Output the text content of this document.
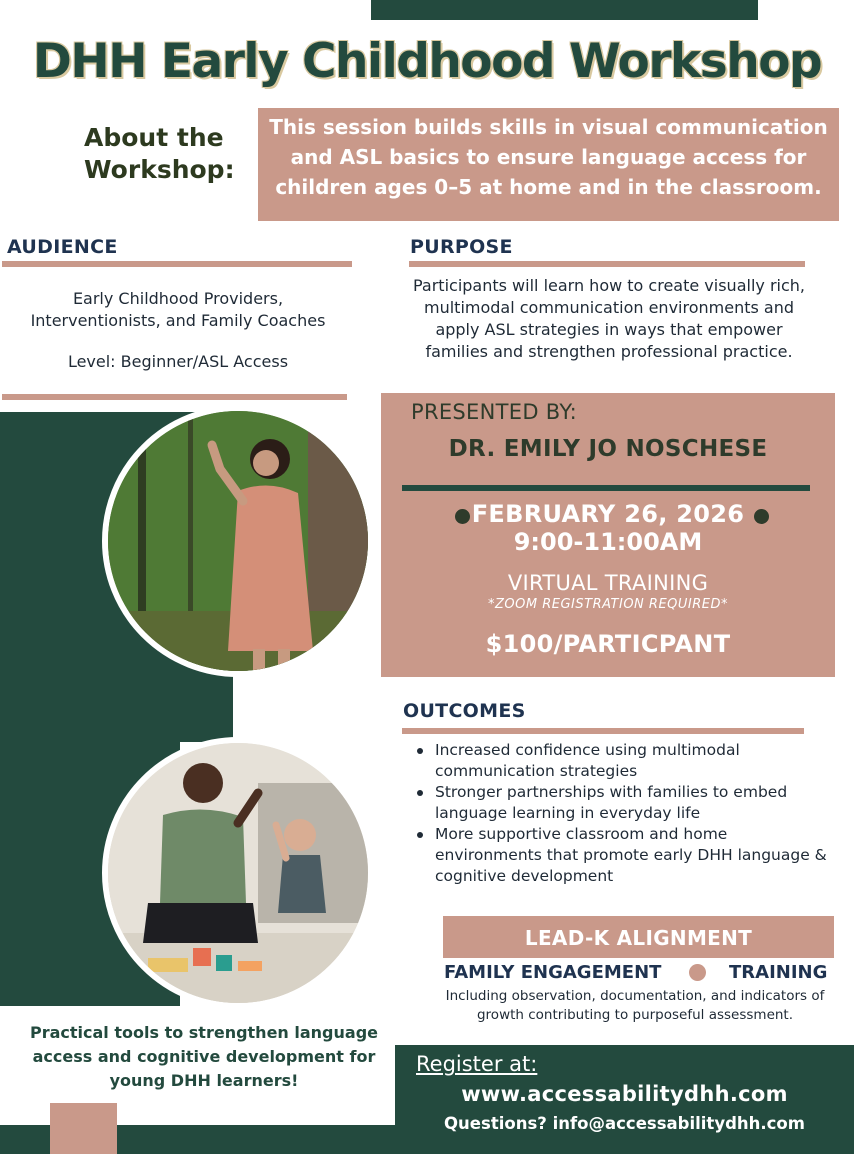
DHH Early Childhood Workshop
About the
Workshop:

This session builds skills in visual communication and ASL basics to ensure language access for children ages 0–5 at home and in the classroom.

AUDIENCE
Early Childhood Providers,
Interventionists, and Family Coaches
Level: Beginner/ASL Access
PURPOSE

Participants will learn how to create visually rich, multimodal communication environments and apply ASL strategies in ways that empower families and strengthen professional practice.

PRESENTED BY:
DR. EMILY JO NOSCHESE
FEBRUARY 26, 2026
9:00-11:00AM
VIRTUAL TRAINING
*ZOOM REGISTRATION REQUIRED*
$100/PARTICPANT
OUTCOMES
Increased confidence using multimodal communication strategies
Stronger partnerships with families to embed language learning in everyday life
More supportive classroom and home environments that promote early DHH language & cognitive development
LEAD-K ALIGNMENT
FAMILY ENGAGEMENT	TRAINING

Including observation, documentation, and indicators of growth contributing to purposeful assessment.

Practical tools to strengthen language access and cognitive development for young DHH learners!

Register at:
www.accessabilitydhh.com
Questions? info@accessabilitydhh.com
